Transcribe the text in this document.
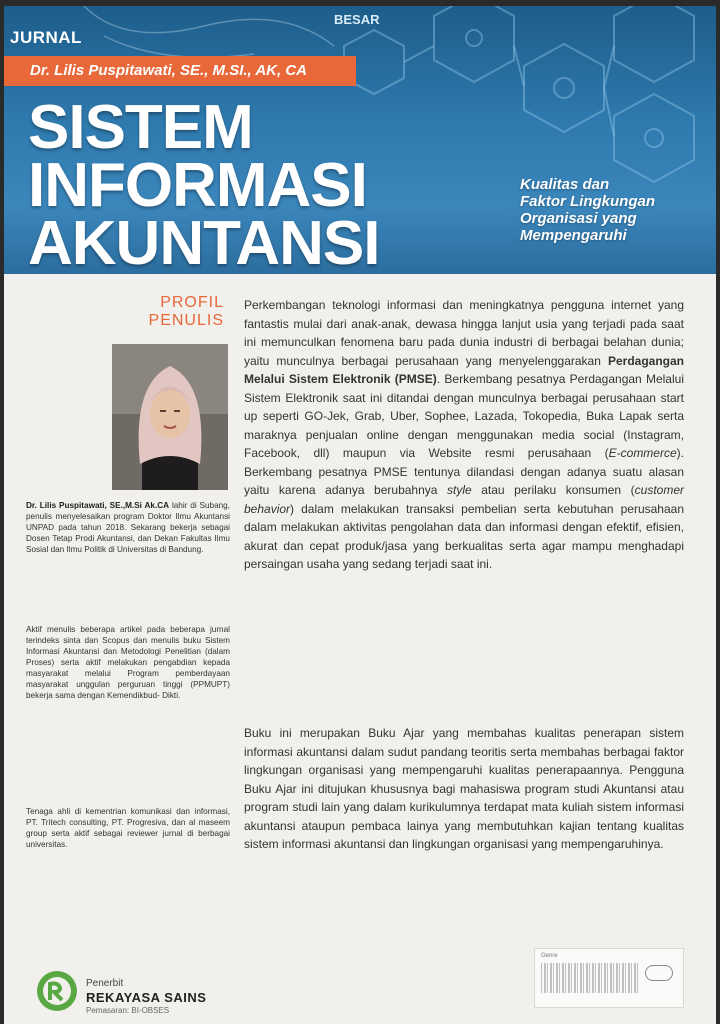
JURNAL
BESAR
Dr. Lilis Puspitawati, SE., M.SI., AK, CA
SISTEM
INFORMASI
AKUNTANSI
Kualitas dan
Faktor Lingkungan
Organisasi yang
Mempengaruhi
PROFIL
PENULIS
Dr. Lilis Puspitawati, SE.,M.Si Ak.CA lahir di Subang, penulis menyelesaikan program Doktor Ilmu Akuntansi UNPAD pada tahun 2018. Sekarang bekerja sebagai Dosen Tetap Prodi Akuntansi, dan Dekan Fakultas Ilmu Sosial dan Ilmu Politik di Universitas di Bandung.
Aktif menulis beberapa artikel pada beberapa jurnal terindeks sinta dan Scopus dan menulis buku Sistem Informasi Akuntansi dan Metodologi Penelitian (dalam Proses) serta aktif melakukan pengabdian kepada masyarakat melalui Program pemberdayaan masyarakat unggulan perguruan tinggi (PPMUPT) bekerja sama dengan Kemendikbud- Dikti.
Tenaga ahli di kementrian komunikasi dan informasi, PT. Tritech consulting, PT. Progresiva, dan al maseem group serta aktif sebagai reviewer jurnal di berbagai universitas.
Perkembangan teknologi informasi dan meningkatnya pengguna internet yang fantastis mulai dari anak-anak, dewasa hingga lanjut usia yang terjadi pada saat ini memunculkan fenomena baru pada dunia industri di berbagai belahan dunia; yaitu munculnya berbagai perusahaan yang menyelenggarakan Perdagangan Melalui Sistem Elektronik (PMSE). Berkembang pesatnya Perdagangan Melalui Sistem Elektronik saat ini ditandai dengan munculnya berbagai perusahaan start up seperti GO-Jek, Grab, Uber, Sophee, Lazada, Tokopedia, Buka Lapak serta maraknya penjualan online dengan menggunakan media social (Instagram, Facebook, dll) maupun via Website resmi perusahaan (E-commerce). Berkembang pesatnya PMSE tentunya dilandasi dengan adanya suatu alasan yaitu karena adanya berubahnya style atau perilaku konsumen (customer behavior) dalam melakukan transaksi pembelian serta kebutuhan perusahaan dalam melakukan aktivitas pengolahan data dan informasi dengan efektif, efisien, akurat dan cepat produk/jasa yang berkualitas serta agar mampu menghadapi persaingan usaha yang sedang terjadi saat ini.
Buku ini merupakan Buku Ajar yang membahas kualitas penerapan sistem informasi akuntansi dalam sudut pandang teoritis serta membahas berbagai faktor lingkungan organisasi yang mempengaruhi kualitas penerapaannya. Pengguna Buku Ajar ini ditujukan khususnya bagi mahasiswa program studi Akuntansi atau program studi lain yang dalam kurikulumnya terdapat mata kuliah sistem informasi akuntansi ataupun pembaca lainya yang membutuhkan kajian tentang kualitas sistem informasi akuntansi dan lingkungan organisasi yang mempengaruhinya.
Penerbit
REKAYASA SAINS
Pemasaran: BI-OBSES
Genre
